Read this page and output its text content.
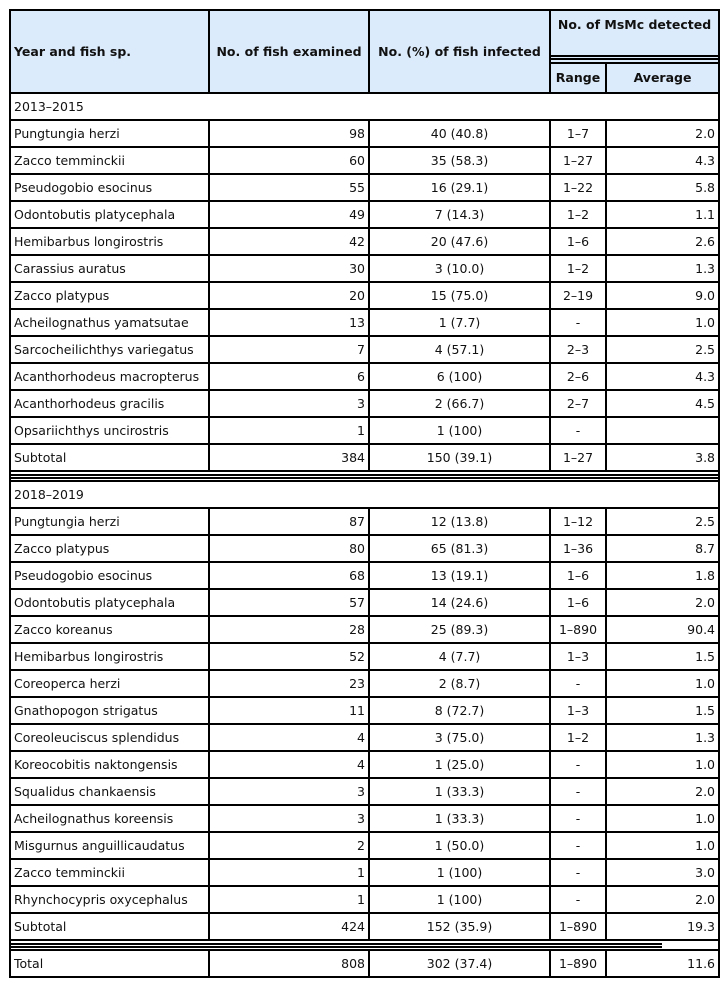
Year and fish sp.	No. of fish examined	No. (%) of fish infected	No. of MsMc detected	

			Range	Average
2013–2015				
Pungtungia herzi	98	40 (40.8)	1–7	2.0
Zacco temminckii	60	35 (58.3)	1–27	4.3
Pseudogobio esocinus	55	16 (29.1)	1–22	5.8
Odontobutis platycephala	49	7 (14.3)	1–2	1.1
Hemibarbus longirostris	42	20 (47.6)	1–6	2.6
Carassius auratus	30	3 (10.0)	1–2	1.3
Zacco platypus	20	15 (75.0)	2–19	9.0
Acheilognathus yamatsutae	13	1 (7.7)	-	1.0
Sarcocheilichthys variegatus	7	4 (57.1)	2–3	2.5
Acanthorhodeus macropterus	6	6 (100)	2–6	4.3
Acanthorhodeus gracilis	3	2 (66.7)	2–7	4.5
Opsariichthys uncirostris	1	1 (100)	-	
Subtotal	384	150 (39.1)	1–27	3.8

2018–2019				
Pungtungia herzi	87	12 (13.8)	1–12	2.5
Zacco platypus	80	65 (81.3)	1–36	8.7
Pseudogobio esocinus	68	13 (19.1)	1–6	1.8
Odontobutis platycephala	57	14 (24.6)	1–6	2.0
Zacco koreanus	28	25 (89.3)	1–890	90.4
Hemibarbus longirostris	52	4 (7.7)	1–3	1.5
Coreoperca herzi	23	2 (8.7)	-	1.0
Gnathopogon strigatus	11	8 (72.7)	1–3	1.5
Coreoleuciscus splendidus	4	3 (75.0)	1–2	1.3
Koreocobitis naktongensis	4	1 (25.0)	-	1.0
Squalidus chankaensis	3	1 (33.3)	-	2.0
Acheilognathus koreensis	3	1 (33.3)	-	1.0
Misgurnus anguillicaudatus	2	1 (50.0)	-	1.0
Zacco temminckii	1	1 (100)	-	3.0
Rhynchocypris oxycephalus	1	1 (100)	-	2.0
Subtotal	424	152 (35.9)	1–890	19.3

Total	808	302 (37.4)	1–890	11.6
